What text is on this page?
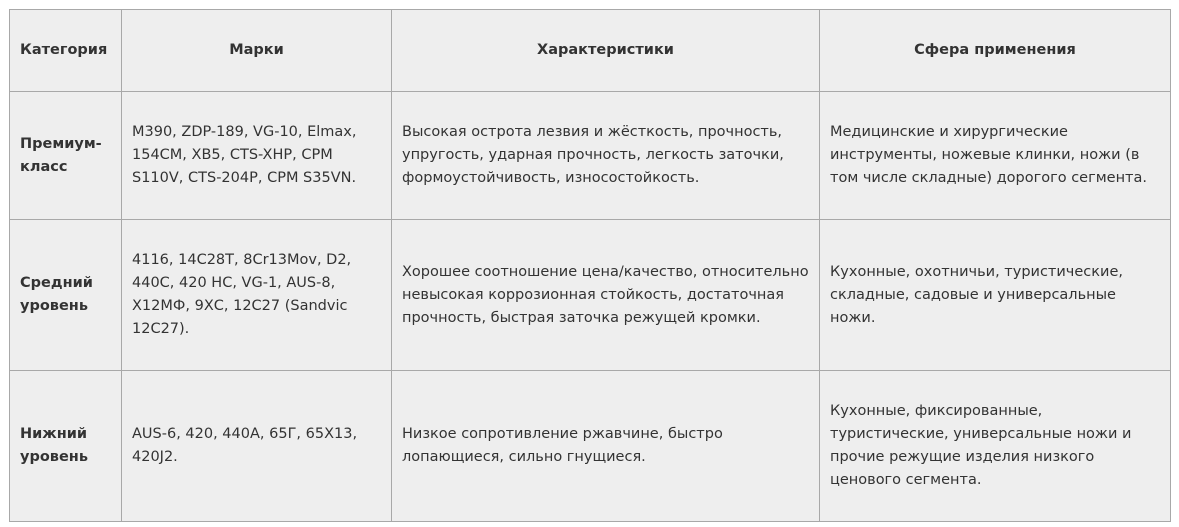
Категория	Марки	Характеристики	Сфера применения
Премиум-класс	M390, ZDP-189, VG-10, Elmax, 154CM, XB5, CTS-XHP, CPM S110V, CTS-204P, CPM S35VN.	Высокая острота лезвия и жёсткость, прочность, упругость, ударная прочность, легкость заточки, формоустойчивость, износостойкость.	Медицинские и хирургические инструменты, ножевые клинки, ножи (в том числе складные) дорогого сегмента.
Средний уровень	4116, 14C28T, 8Cr13Mov, D2, 440C, 420 HC, VG-1, AUS-8, Х12МФ, 9ХС, 12С27 (Sandvic 12C27).	Хорошее соотношение цена/качество, относительно невысокая коррозионная стойкость, достаточная прочность, быстрая заточка режущей кромки.	Кухонные, охотничьи, туристические, складные, садовые и универсальные ножи.
Нижний уровень	AUS-6, 420, 440A, 65Г, 65Х13, 420J2.	Низкое сопротивление ржавчине, быстро лопающиеся, сильно гнущиеся.	Кухонные, фиксированные, туристические, универсальные ножи и прочие режущие изделия низкого ценового сегмента.
